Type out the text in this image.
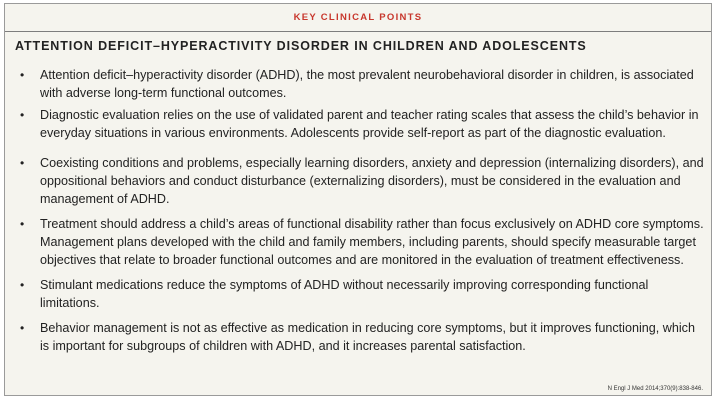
KEY CLINICAL POINTS
ATTENTION DEFICIT–HYPERACTIVITY DISORDER IN CHILDREN AND ADOLESCENTS
• Attention deficit–hyperactivity disorder (ADHD), the most prevalent neurobehavioral disorder in children, is associated with adverse long-term functional outcomes.
• Diagnostic evaluation relies on the use of validated parent and teacher rating scales that assess the child’s behavior in everyday situations in various environments. Adolescents provide self-report as part of the diagnostic evaluation.
• Coexisting conditions and problems, especially learning disorders, anxiety and depression (internalizing disorders), and oppositional behaviors and conduct disturbance (externalizing disorders), must be considered in the evaluation and management of ADHD.
• Treatment should address a child’s areas of functional disability rather than focus exclusively on ADHD core symptoms. Management plans developed with the child and family members, including parents, should specify measurable target objectives that relate to broader functional outcomes and are monitored in the evaluation of treatment effectiveness.
• Stimulant medications reduce the symptoms of ADHD without necessarily improving corresponding functional limitations.
• Behavior management is not as effective as medication in reducing core symptoms, but it improves functioning, which is important for subgroups of children with ADHD, and it increases parental satisfaction.
N Engl J Med 2014;370(9):838-846.
